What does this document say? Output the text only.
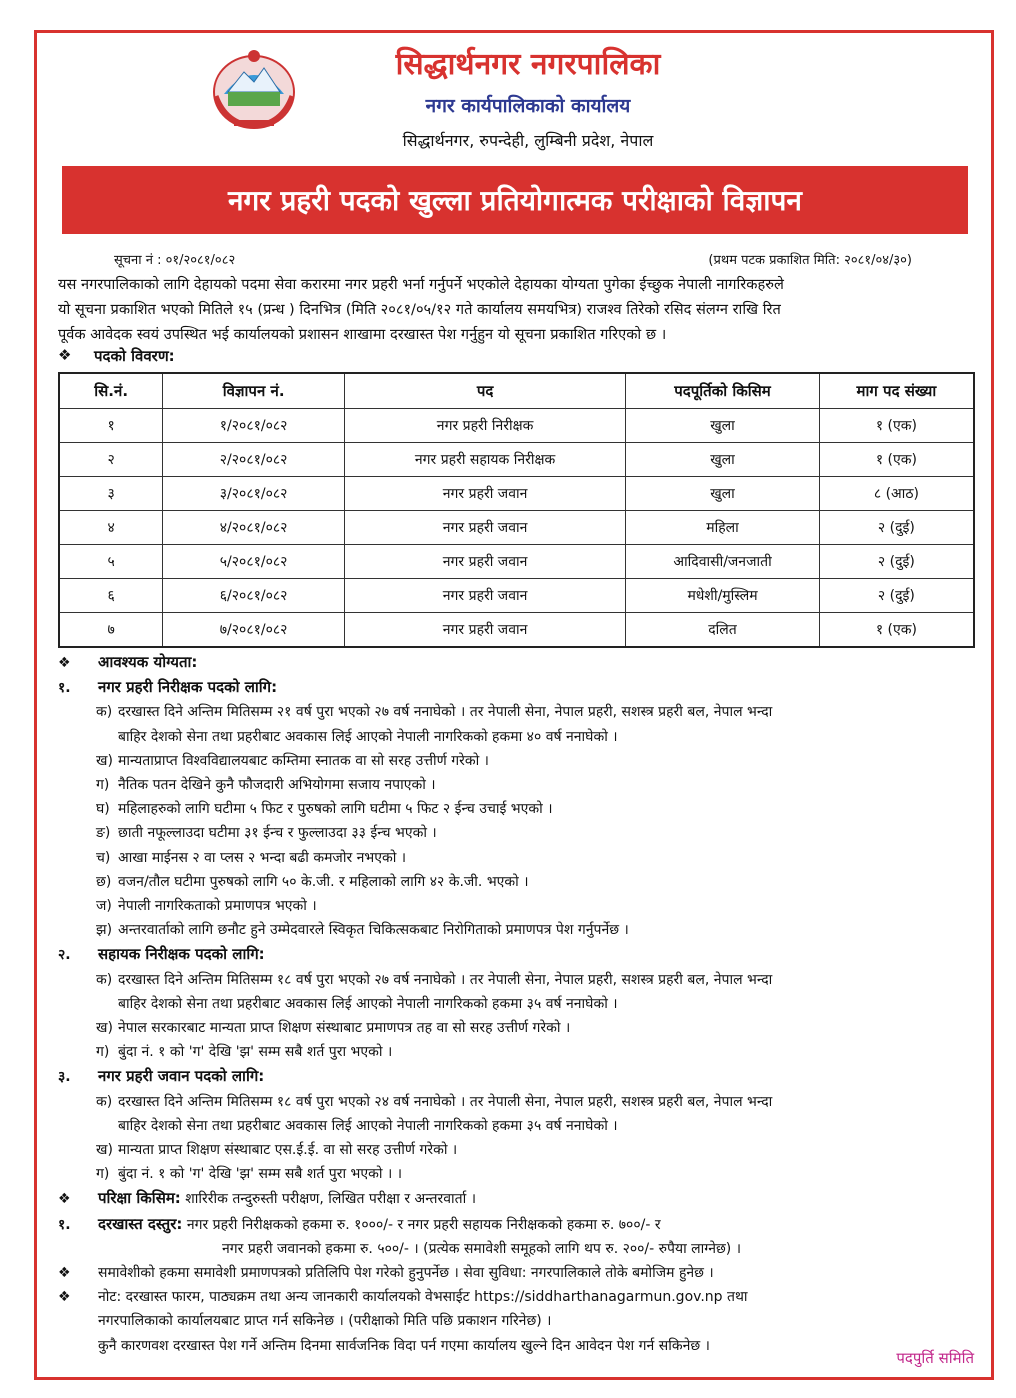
सिद्धार्थनगर नगरपालिका
नगर कार्यपालिकाको कार्यालय
सिद्धार्थनगर, रुपन्देही, लुम्बिनी प्रदेश, नेपाल
नगर प्रहरी पदको खुल्ला प्रतियोगात्मक परीक्षाको विज्ञापन
सूचना नं : ०१/२०८१/०८२	(प्रथम पटक प्रकाशित मिति: २०८१/०४/३०)
यस नगरपालिकाको लागि देहायको पदमा सेवा करारमा नगर प्रहरी भर्ना गर्नुपर्ने भएकोले देहायका योग्यता पुगेका ईच्छुक नेपाली नागरिकहरुले
यो सूचना प्रकाशित भएको मितिले १५ (प्रन्ध ) दिनभित्र (मिति २०८१/०५/१२ गते कार्यालय समयभित्र) राजश्व तिरेको रसिद संलग्न राखि रित
पूर्वक आवेदक स्वयं उपस्थित भई कार्यालयको प्रशासन शाखामा दरखास्त पेश गर्नुहुन यो सूचना प्रकाशित गरिएको छ ।
❖ पदको विवरण:
सि.नं.	विज्ञापन नं.	पद	पदपूर्तिको किसिम	माग पद संख्या
१	१/२०८१/०८२	नगर प्रहरी निरीक्षक	खुला	१ (एक)
२	२/२०८१/०८२	नगर प्रहरी सहायक निरीक्षक	खुला	१ (एक)
३	३/२०८१/०८२	नगर प्रहरी जवान	खुला	८ (आठ)
४	४/२०८१/०८२	नगर प्रहरी जवान	महिला	२ (दुई)
५	५/२०८१/०८२	नगर प्रहरी जवान	आदिवासी/जनजाती	२ (दुई)
६	६/२०८१/०८२	नगर प्रहरी जवान	मधेशी/मुस्लिम	२ (दुई)
७	७/२०८१/०८२	नगर प्रहरी जवान	दलित	१ (एक)
❖ आवश्यक योग्यता:
१. नगर प्रहरी निरीक्षक पदको लागि:
क) दरखास्त दिने अन्तिम मितिसम्म २१ वर्ष पुरा भएको २७ वर्ष ननाघेको । तर नेपाली सेना, नेपाल प्रहरी, सशस्त्र प्रहरी बल, नेपाल भन्दा
बाहिर देशको सेना तथा प्रहरीबाट अवकास लिई आएको नेपाली नागरिकको हकमा ४० वर्ष ननाघेको ।
ख) मान्यताप्राप्त विश्वविद्यालयबाट कम्तिमा स्नातक वा सो सरह उत्तीर्ण गरेको ।
ग) नैतिक पतन देखिने कुनै फौजदारी अभियोगमा सजाय नपाएको ।
घ) महिलाहरुको लागि घटीमा ५ फिट र पुरुषको लागि घटीमा ५ फिट २ ईन्च उचाई भएको ।
ङ) छाती नफूल्लाउदा घटीमा ३१ ईन्च र फुल्लाउदा ३३ ईन्च भएको ।
च) आखा माईनस २ वा प्लस २ भन्दा बढी कमजोर नभएको ।
छ) वजन/तौल घटीमा पुरुषको लागि ५० के.जी. र महिलाको लागि ४२ के.जी. भएको ।
ज) नेपाली नागरिकताको प्रमाणपत्र भएको ।
झ) अन्तरवार्ताको लागि छनौट हुने उम्मेदवारले स्विकृत चिकित्सकबाट निरोगिताको प्रमाणपत्र पेश गर्नुपर्नेछ ।
२. सहायक निरीक्षक पदको लागि:
क) दरखास्त दिने अन्तिम मितिसम्म १८ वर्ष पुरा भएको २७ वर्ष ननाघेको । तर नेपाली सेना, नेपाल प्रहरी, सशस्त्र प्रहरी बल, नेपाल भन्दा
बाहिर देशको सेना तथा प्रहरीबाट अवकास लिई आएको नेपाली नागरिकको हकमा ३५ वर्ष ननाघेको ।
ख) नेपाल सरकारबाट मान्यता प्राप्त शिक्षण संस्थाबाट प्रमाणपत्र तह वा सो सरह उत्तीर्ण गरेको ।
ग) बुंदा नं. १ को 'ग' देखि 'झ' सम्म सबै शर्त पुरा भएको ।
३. नगर प्रहरी जवान पदको लागि:
क) दरखास्त दिने अन्तिम मितिसम्म १८ वर्ष पुरा भएको २४ वर्ष ननाघेको । तर नेपाली सेना, नेपाल प्रहरी, सशस्त्र प्रहरी बल, नेपाल भन्दा
बाहिर देशको सेना तथा प्रहरीबाट अवकास लिई आएको नेपाली नागरिकको हकमा ३५ वर्ष ननाघेको ।
ख) मान्यता प्राप्त शिक्षण संस्थाबाट एस.ई.ई. वा सो सरह उत्तीर्ण गरेको ।
ग) बुंदा नं. १ को 'ग' देखि 'झ' सम्म सबै शर्त पुरा भएको । ।
❖ परिक्षा किसिम: शारिरीक तन्दुरुस्ती परीक्षण, लिखित परीक्षा र अन्तरवार्ता ।
१. दरखास्त दस्तुर: नगर प्रहरी निरीक्षकको हकमा रु. १०००/- र नगर प्रहरी सहायक निरीक्षकको हकमा रु. ७००/- र
नगर प्रहरी जवानको हकमा रु. ५००/- । (प्रत्येक समावेशी समूहको लागि थप रु. २००/- रुपैया लाग्नेछ) ।
❖ समावेशीको हकमा समावेशी प्रमाणपत्रको प्रतिलिपि पेश गरेको हुनुपर्नेछ । सेवा सुविधा: नगरपालिकाले तोके बमोजिम हुनेछ ।
❖ नोट: दरखास्त फारम, पाठ्यक्रम तथा अन्य जानकारी कार्यालयको वेभसाईट https://siddharthanagarmun.gov.np तथा
नगरपालिकाको कार्यालयबाट प्राप्त गर्न सकिनेछ । (परीक्षाको मिति पछि प्रकाशन गरिनेछ) ।
कुनै कारणवश दरखास्त पेश गर्ने अन्तिम दिनमा सार्वजनिक विदा पर्न गएमा कार्यालय खुल्ने दिन आवेदन पेश गर्न सकिनेछ ।
पदपुर्ति समिति
